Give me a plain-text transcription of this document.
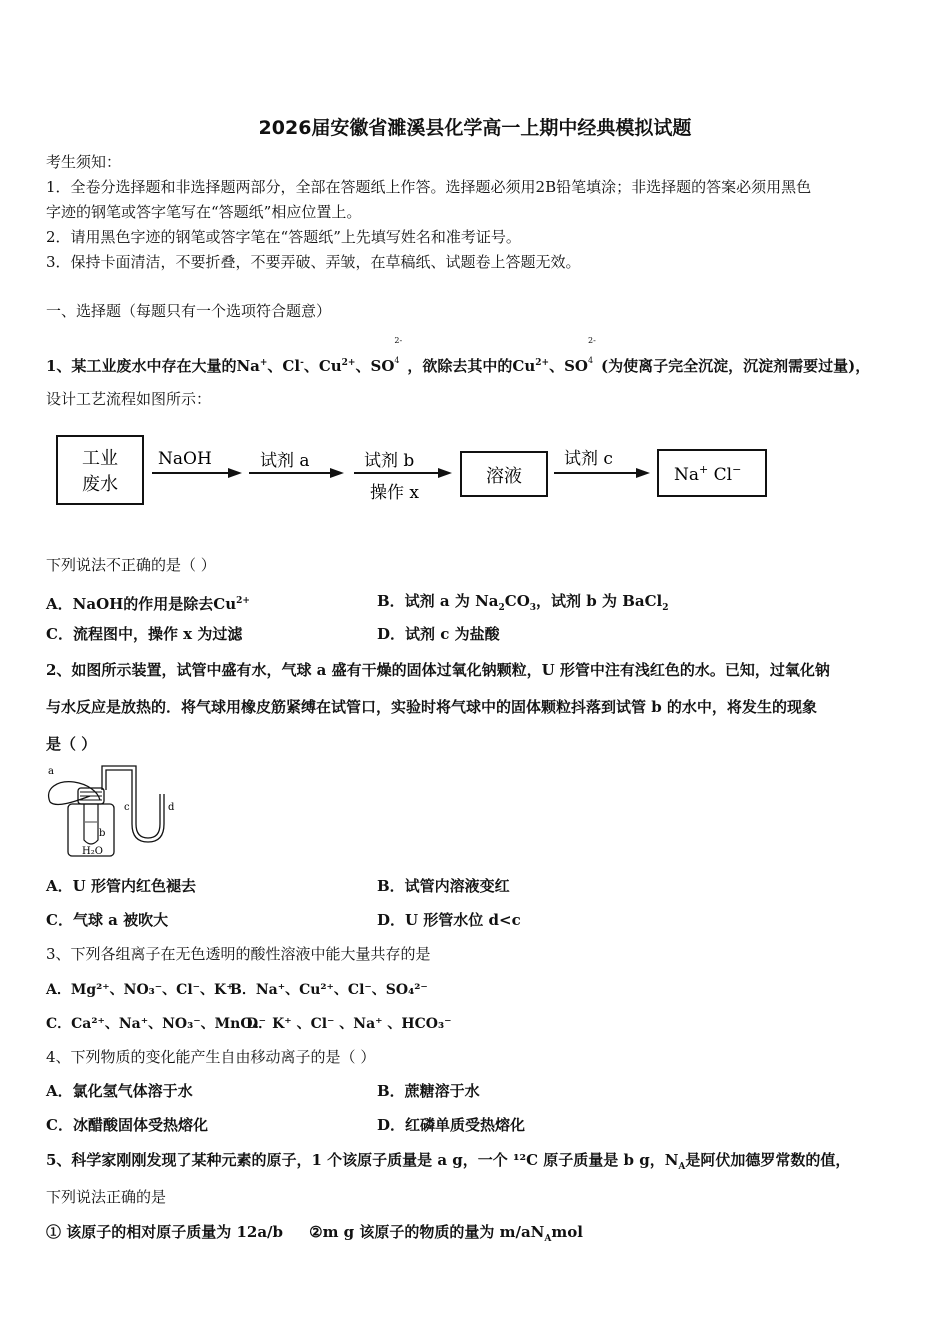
2026届安徽省濉溪县化学高一上期中经典模拟试题
考生须知：
1．全卷分选择题和非选择题两部分，全部在答题纸上作答。选择题必须用2B铅笔填涂；非选择题的答案必须用黑色
字迹的钢笔或答字笔写在“答题纸”相应位置上。
2．请用黑色字迹的钢笔或答字笔在“答题纸”上先填写姓名和准考证号。
3．保持卡面清洁，不要折叠，不要弄破、弄皱，在草稿纸、试题卷上答题无效。
一、选择题（每题只有一个选项符合题意）
1、某工业废水中存在大量的Na+、Cl-、$Cu^{2+}$、SO2-
4 ，欲除去其中的$Cu^{2+}$、SO2-
4 (为使离子完全沉淀，沉淀剂需要过量)，
设计工艺流程如图所示：
工业
废水
NaOH	试剂 a	试剂 b
操作 x
溶液
试剂 c
Na+ Cl−
下列说法不正确的是（ ）
A．NaOH的作用是除去$Cu^{2+}$	B．试剂 a 为 $Na_2CO_3$，试剂 b 为 BaCl$_2$
C．流程图中，操作 x 为过滤	D．试剂 c 为盐酸
2、如图所示装置，试管中盛有水，气球 a 盛有干燥的固体过氧化钠颗粒，U 形管中注有浅红色的水。已知，过氧化钠
与水反应是放热的．将气球用橡皮筋紧缚在试管口，实验时将气球中的固体颗粒抖落到试管 b 的水中，将发生的现象
是（ ）
a
b
H₂O
c	d
A．U 形管内红色褪去	B．试管内溶液变红
C．气球 a 被吹大	D．U 形管水位 d<c
3、下列各组离子在无色透明的酸性溶液中能大量共存的是
A．Mg²⁺、NO₃⁻、Cl⁻、K⁺
B．Na⁺、Cu²⁺、Cl⁻、SO₄²⁻
C．Ca²⁺、Na⁺、NO₃⁻、MnO₄⁻
D．K⁺ 、Cl⁻ 、Na⁺ 、HCO₃⁻
4、下列物质的变化能产生自由移动离子的是（ ）
A．氯化氢气体溶于水	B．蔗糖溶于水
C．冰醋酸固体受热熔化	D．红磷单质受热熔化
5、科学家刚刚发现了某种元素的原子，1 个该原子质量是 a g，一个 ¹²C 原子质量是 b g，$N_A$是阿伏加德罗常数的值，
下列说法正确的是
① 该原子的相对原子质量为 12a/b ②m g 该原子的物质的量为 $m/aN_Amol$
